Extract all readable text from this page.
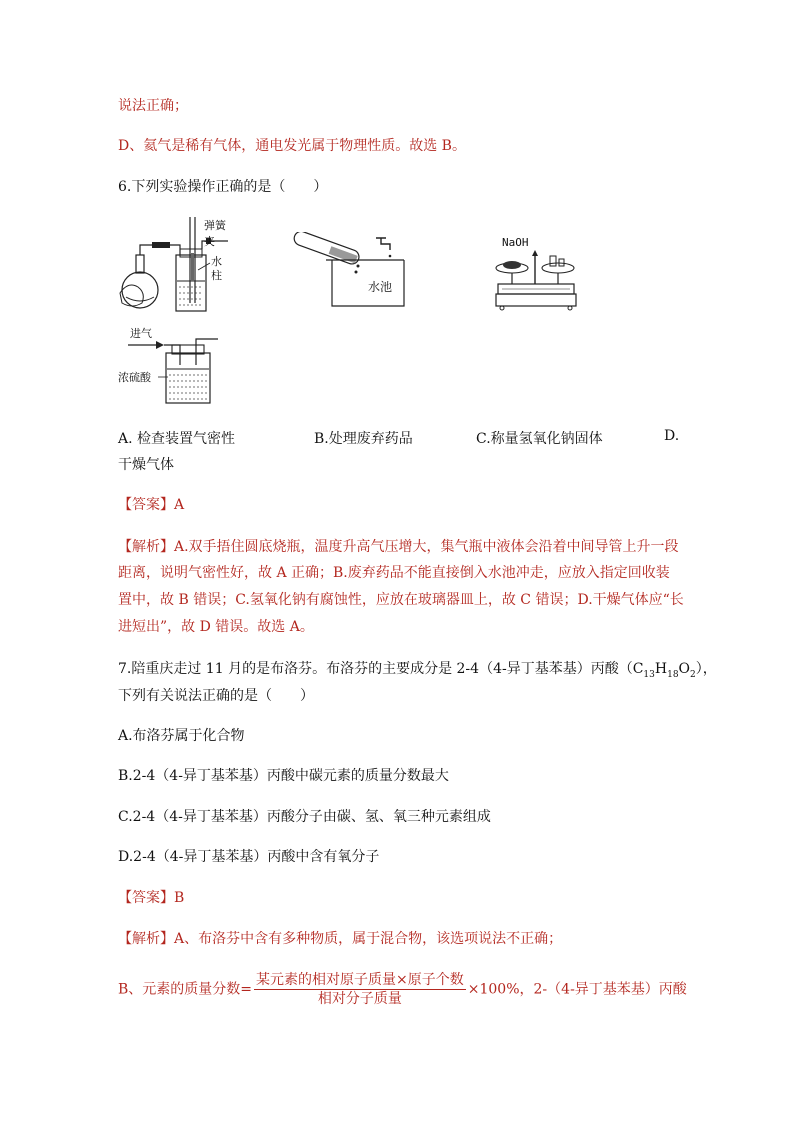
说法正确；
D、氦气是稀有气体，通电发光属于物理性质。故选 B。
6.下列实验操作正确的是（　　）
弹簧夹
水
柱
水池
NaOH
进气
浓硫酸
A. 检查装置气密性	B.处理废弃药品	C.称量氢氧化钠固体	D.
干燥气体
【答案】A
【解析】A.双手捂住圆底烧瓶，温度升高气压增大，集气瓶中液体会沿着中间导管上升一段
距离，说明气密性好，故 A 正确；B.废弃药品不能直接倒入水池冲走，应放入指定回收装
置中，故 B 错误；C.氢氧化钠有腐蚀性，应放在玻璃器皿上，故 C 错误；D.干燥气体应“长
进短出”，故 D 错误。故选 A。
7.陪重庆走过 11 月的是布洛芬。布洛芬的主要成分是 2-4（4-异丁基苯基）丙酸$(C_{13}H_{18}O_2)$，
下列有关说法正确的是（　　）
A.布洛芬属于化合物
B.2-4（4-异丁基苯基）丙酸中碳元素的质量分数最大
C.2-4（4-异丁基苯基）丙酸分子由碳、氢、氧三种元素组成
D.2-4（4-异丁基苯基）丙酸中含有氧分子
【答案】B
【解析】A、布洛芬中含有多种物质，属于混合物，该选项说法不正确；
B、元素的质量分数= $\frac{\text{某元素的相对原子质量×原子个数}}{\text{相对分子质量}} \times 100\%$，2-（4-异丁基苯基）丙酸
